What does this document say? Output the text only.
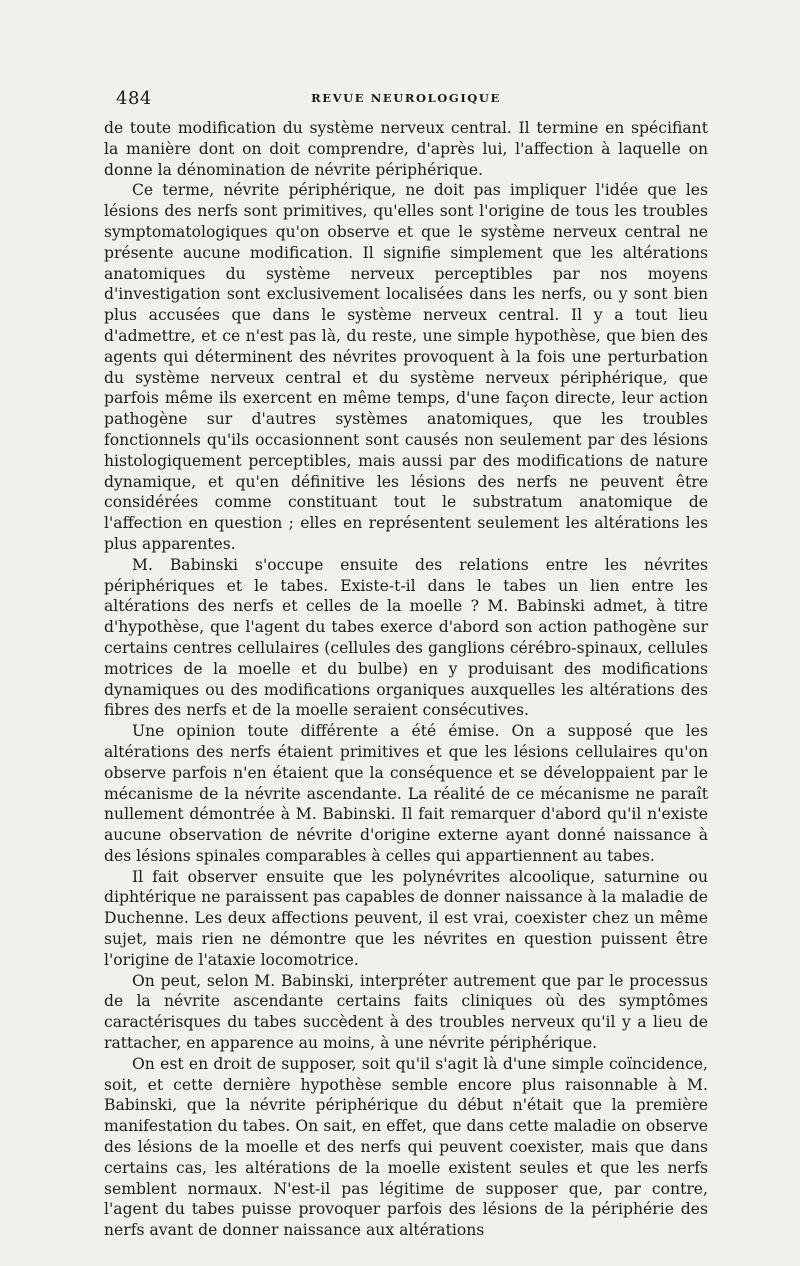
484	REVUE NEUROLOGIQUE

de toute modification du système nerveux central. Il termine en spécifiant la manière dont on doit comprendre, d'après lui, l'affection à laquelle on donne la dénomination de névrite périphérique.

Ce terme, névrite périphérique, ne doit pas impliquer l'idée que les lésions des nerfs sont primitives, qu'elles sont l'origine de tous les troubles symptomatologiques qu'on observe et que le système nerveux central ne présente aucune modification. Il signifie simplement que les altérations anatomiques du système nerveux perceptibles par nos moyens d'investigation sont exclusivement localisées dans les nerfs, ou y sont bien plus accusées que dans le système nerveux central. Il y a tout lieu d'admettre, et ce n'est pas là, du reste, une simple hypothèse, que bien des agents qui déterminent des névrites provoquent à la fois une perturbation du système nerveux central et du système nerveux périphérique, que parfois même ils exercent en même temps, d'une façon directe, leur action pathogène sur d'autres systèmes anatomiques, que les troubles fonctionnels qu'ils occasionnent sont causés non seulement par des lésions histologiquement perceptibles, mais aussi par des modifications de nature dynamique, et qu'en définitive les lésions des nerfs ne peuvent être considérées comme constituant tout le substratum anatomique de l'affection en question ; elles en représentent seulement les altérations les plus apparentes.

M. Babinski s'occupe ensuite des relations entre les névrites périphériques et le tabes. Existe-t-il dans le tabes un lien entre les altérations des nerfs et celles de la moelle ? M. Babinski admet, à titre d'hypothèse, que l'agent du tabes exerce d'abord son action pathogène sur certains centres cellulaires (cellules des ganglions cérébro-spinaux, cellules motrices de la moelle et du bulbe) en y produisant des modifications dynamiques ou des modifications organiques auxquelles les altérations des fibres des nerfs et de la moelle seraient consécutives.

Une opinion toute différente a été émise. On a supposé que les altérations des nerfs étaient primitives et que les lésions cellulaires qu'on observe parfois n'en étaient que la conséquence et se développaient par le mécanisme de la névrite ascendante. La réalité de ce mécanisme ne paraît nullement démontrée à M. Babinski. Il fait remarquer d'abord qu'il n'existe aucune observation de névrite d'origine externe ayant donné naissance à des lésions spinales comparables à celles qui appartiennent au tabes.

Il fait observer ensuite que les polynévrites alcoolique, saturnine ou diphtérique ne paraissent pas capables de donner naissance à la maladie de Duchenne. Les deux affections peuvent, il est vrai, coexister chez un même sujet, mais rien ne démontre que les névrites en question puissent être l'origine de l'ataxie locomotrice.

On peut, selon M. Babinski, interpréter autrement que par le processus de la névrite ascendante certains faits cliniques où des symptômes caractérisques du tabes succèdent à des troubles nerveux qu'il y a lieu de rattacher, en apparence au moins, à une névrite périphérique.

On est en droit de supposer, soit qu'il s'agit là d'une simple coïncidence, soit, et cette dernière hypothèse semble encore plus raisonnable à M. Babinski, que la névrite périphérique du début n'était que la première manifestation du tabes. On sait, en effet, que dans cette maladie on observe des lésions de la moelle et des nerfs qui peuvent coexister, mais que dans certains cas, les altérations de la moelle existent seules et que les nerfs semblent normaux. N'est-il pas légitime de supposer que, par contre, l'agent du tabes puisse provoquer parfois des lésions de la périphérie des nerfs avant de donner naissance aux altérations
